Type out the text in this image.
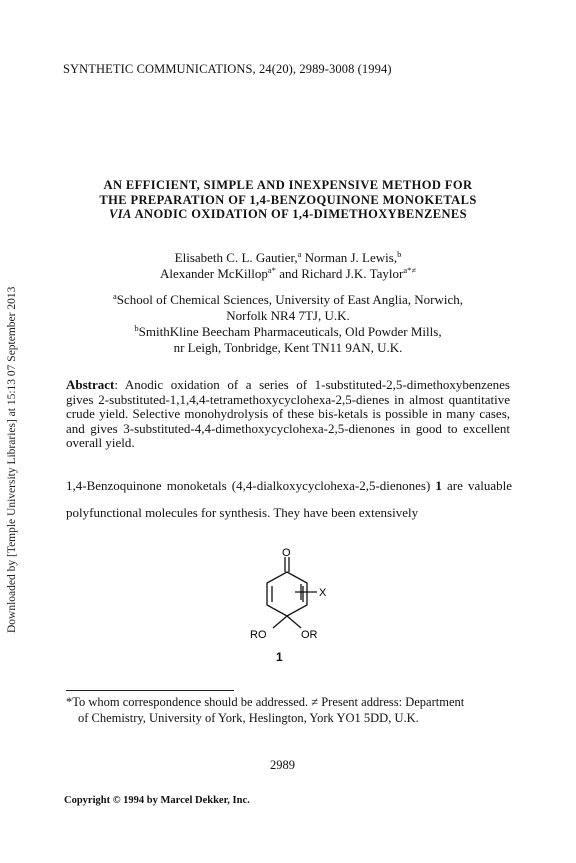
SYNTHETIC COMMUNICATIONS, 24(20), 2989-3008 (1994)
Downloaded by [Temple University Libraries] at 15:13 07 September 2013
AN EFFICIENT, SIMPLE AND INEXPENSIVE METHOD FOR
THE PREPARATION OF 1,4-BENZOQUINONE MONOKETALS
VIA ANODIC OXIDATION OF 1,4-DIMETHOXYBENZENES
Elisabeth C. L. Gautier,$^a$ Norman J. Lewis,$^b$
Alexander McKillop$^{a*}$ and Richard J.K. Taylor$^{a*\ne}$
$^a$School of Chemical Sciences, University of East Anglia, Norwich,
Norfolk NR4 7TJ, U.K.
$^b$SmithKline Beecham Pharmaceuticals, Old Powder Mills,
nr Leigh, Tonbridge, Kent TN11 9AN, U.K.
Abstract: Anodic oxidation of a series of 1-substituted-2,5-dimethoxybenzenes gives 2-substituted-1,1,4,4-tetramethoxycyclohexa-2,5-dienes in almost quantitative crude yield. Selective monohydrolysis of these bis-ketals is possible in many cases, and gives 3-substituted-4,4-dimethoxycyclohexa-2,5-dienones in good to excellent overall yield.
1,4-Benzoquinone monoketals (4,4-dialkoxycyclohexa-2,5-dienones) 1 are valuable polyfunctional molecules for synthesis. They have been extensively
O
X
RO	OR
1
*To whom correspondence should be addressed. ≠ Present address: Department
of Chemistry, University of York, Heslington, York YO1 5DD, U.K.
2989
Copyright © 1994 by Marcel Dekker, Inc.
